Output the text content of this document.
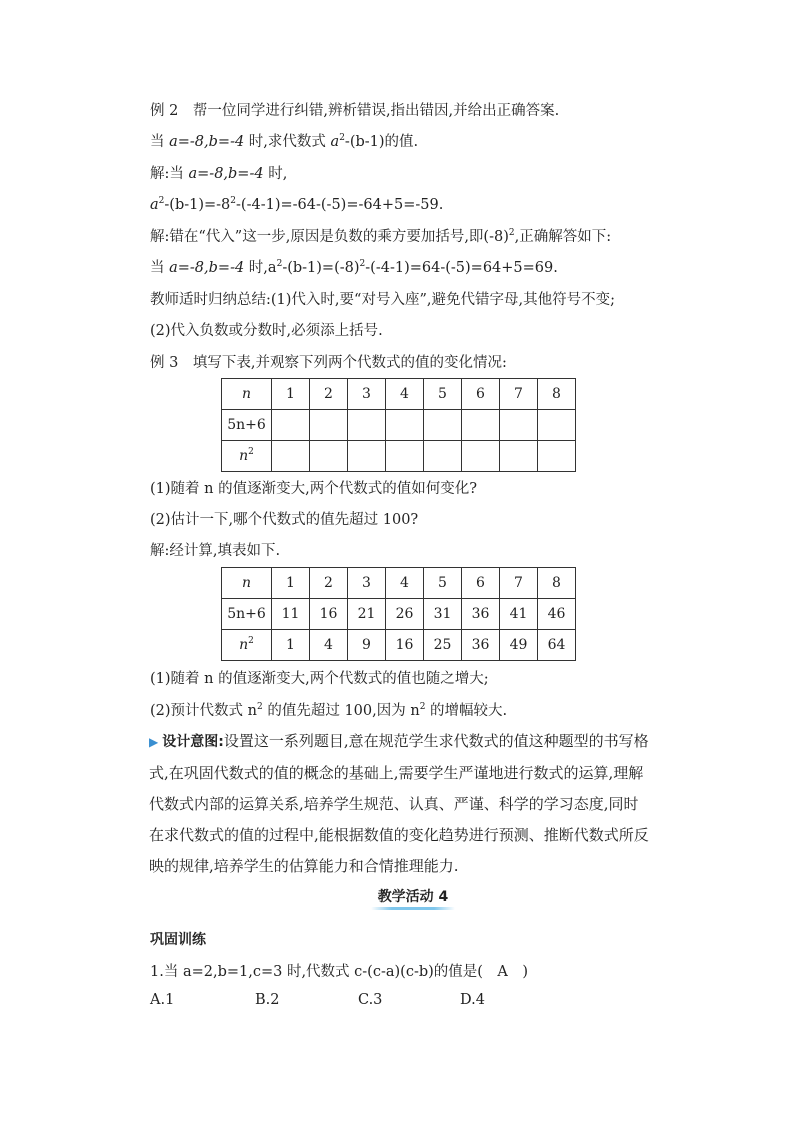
例 2　帮一位同学进行纠错,辨析错误,指出错因,并给出正确答案.
当 a=-8,b=-4 时,求代数式 $a^2-(b-1)$的值.
解:当 a=-8,b=-4 时,
$a^2-(b-1)=-8^2-(-4-1)=-64-(-5)=-64+5=-59$.
解:错在“代入”这一步,原因是负数的乘方要加括号,即$(-8)^2$,正确解答如下:
当 a=-8,b=-4 时$,a^2-(b-1)=(-8)^2-(-4-1)=64-(-5)=64+5=69$.
教师适时归纳总结:(1)代入时,要“对号入座”,避免代错字母,其他符号不变;
(2)代入负数或分数时,必须添上括号.
例 3　填写下表,并观察下列两个代数式的值的变化情况:
n	1	2	3	4	5	6	7	8
5n+6								
$n^2$								
(1)随着 n 的值逐渐变大,两个代数式的值如何变化?
(2)估计一下,哪个代数式的值先超过 100?
解:经计算,填表如下.
n	1	2	3	4	5	6	7	8
5n+6	11	16	21	26	31	36	41	46
$n^2$	1	4	9	16	25	36	49	64
(1)随着 n 的值逐渐变大,两个代数式的值也随之增大;
(2)预计代数式 $n^2$ 的值先超过 100,因为 $n^2$ 的增幅较大.
▶ 设计意图:设置这一系列题目,意在规范学生求代数式的值这种题型的书写格式,在巩固代数式的值的概念的基础上,需要学生严谨地进行数式的运算,理解代数式内部的运算关系,培养学生规范、认真、严谨、科学的学习态度,同时在求代数式的值的过程中,能根据数值的变化趋势进行预测、推断代数式所反映的规律,培养学生的估算能力和合情推理能力.
教学活动 4
巩固训练
1.当 a=2,b=1,c=3 时,代数式 c-(c-a)(c-b)的值是(　A　)
A.1	B.2	C.3	D.4
